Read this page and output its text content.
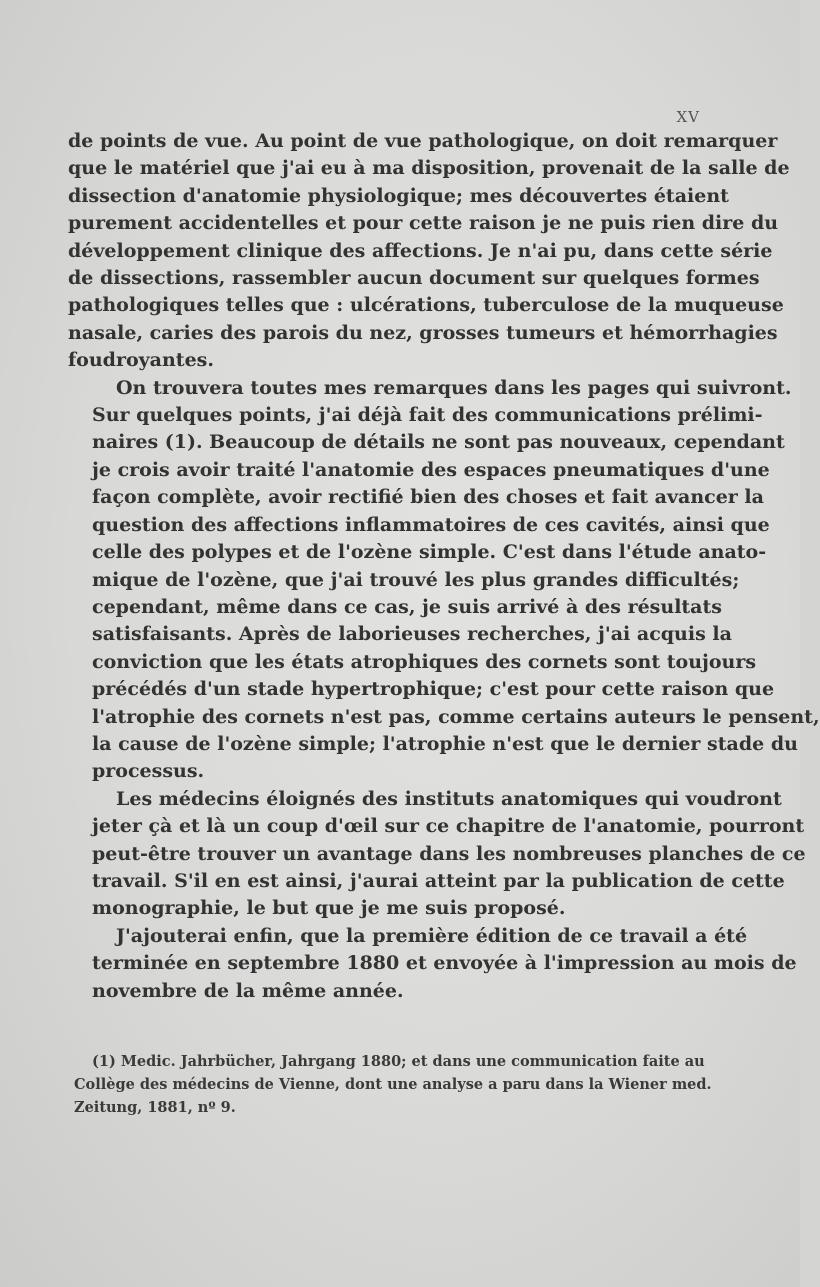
XV

de points de vue. Au point de vue pathologique, on doit remarquer
que le matériel que j'ai eu à ma disposition, provenait de la salle de
dissection d'anatomie physiologique; mes découvertes étaient
purement accidentelles et pour cette raison je ne puis rien dire du
développement clinique des affections. Je n'ai pu, dans cette série
de dissections, rassembler aucun document sur quelques formes
pathologiques telles que : ulcérations, tuberculose de la muqueuse
nasale, caries des parois du nez, grosses tumeurs et hémorrhagies
foudroyantes.

On trouvera toutes mes remarques dans les pages qui suivront.
Sur quelques points, j'ai déjà fait des communications prélimi-
naires (1). Beaucoup de détails ne sont pas nouveaux, cependant
je crois avoir traité l'anatomie des espaces pneumatiques d'une
façon complète, avoir rectifié bien des choses et fait avancer la
question des affections inflammatoires de ces cavités, ainsi que
celle des polypes et de l'ozène simple. C'est dans l'étude anato-
mique de l'ozène, que j'ai trouvé les plus grandes difficultés;
cependant, même dans ce cas, je suis arrivé à des résultats
satisfaisants. Après de laborieuses recherches, j'ai acquis la
conviction que les états atrophiques des cornets sont toujours
précédés d'un stade hypertrophique; c'est pour cette raison que
l'atrophie des cornets n'est pas, comme certains auteurs le pensent,
la cause de l'ozène simple; l'atrophie n'est que le dernier stade du
processus.

Les médecins éloignés des instituts anatomiques qui voudront
jeter çà et là un coup d'œil sur ce chapitre de l'anatomie, pourront
peut-être trouver un avantage dans les nombreuses planches de ce
travail. S'il en est ainsi, j'aurai atteint par la publication de cette
monographie, le but que je me suis proposé.

J'ajouterai enfin, que la première édition de ce travail a été
terminée en septembre 1880 et envoyée à l'impression au mois de
novembre de la même année.

(1) Medic. Jahrbücher, Jahrgang 1880; et dans une communication faite au
Collège des médecins de Vienne, dont une analyse a paru dans la Wiener med.
Zeitung, 1881, nº 9.
